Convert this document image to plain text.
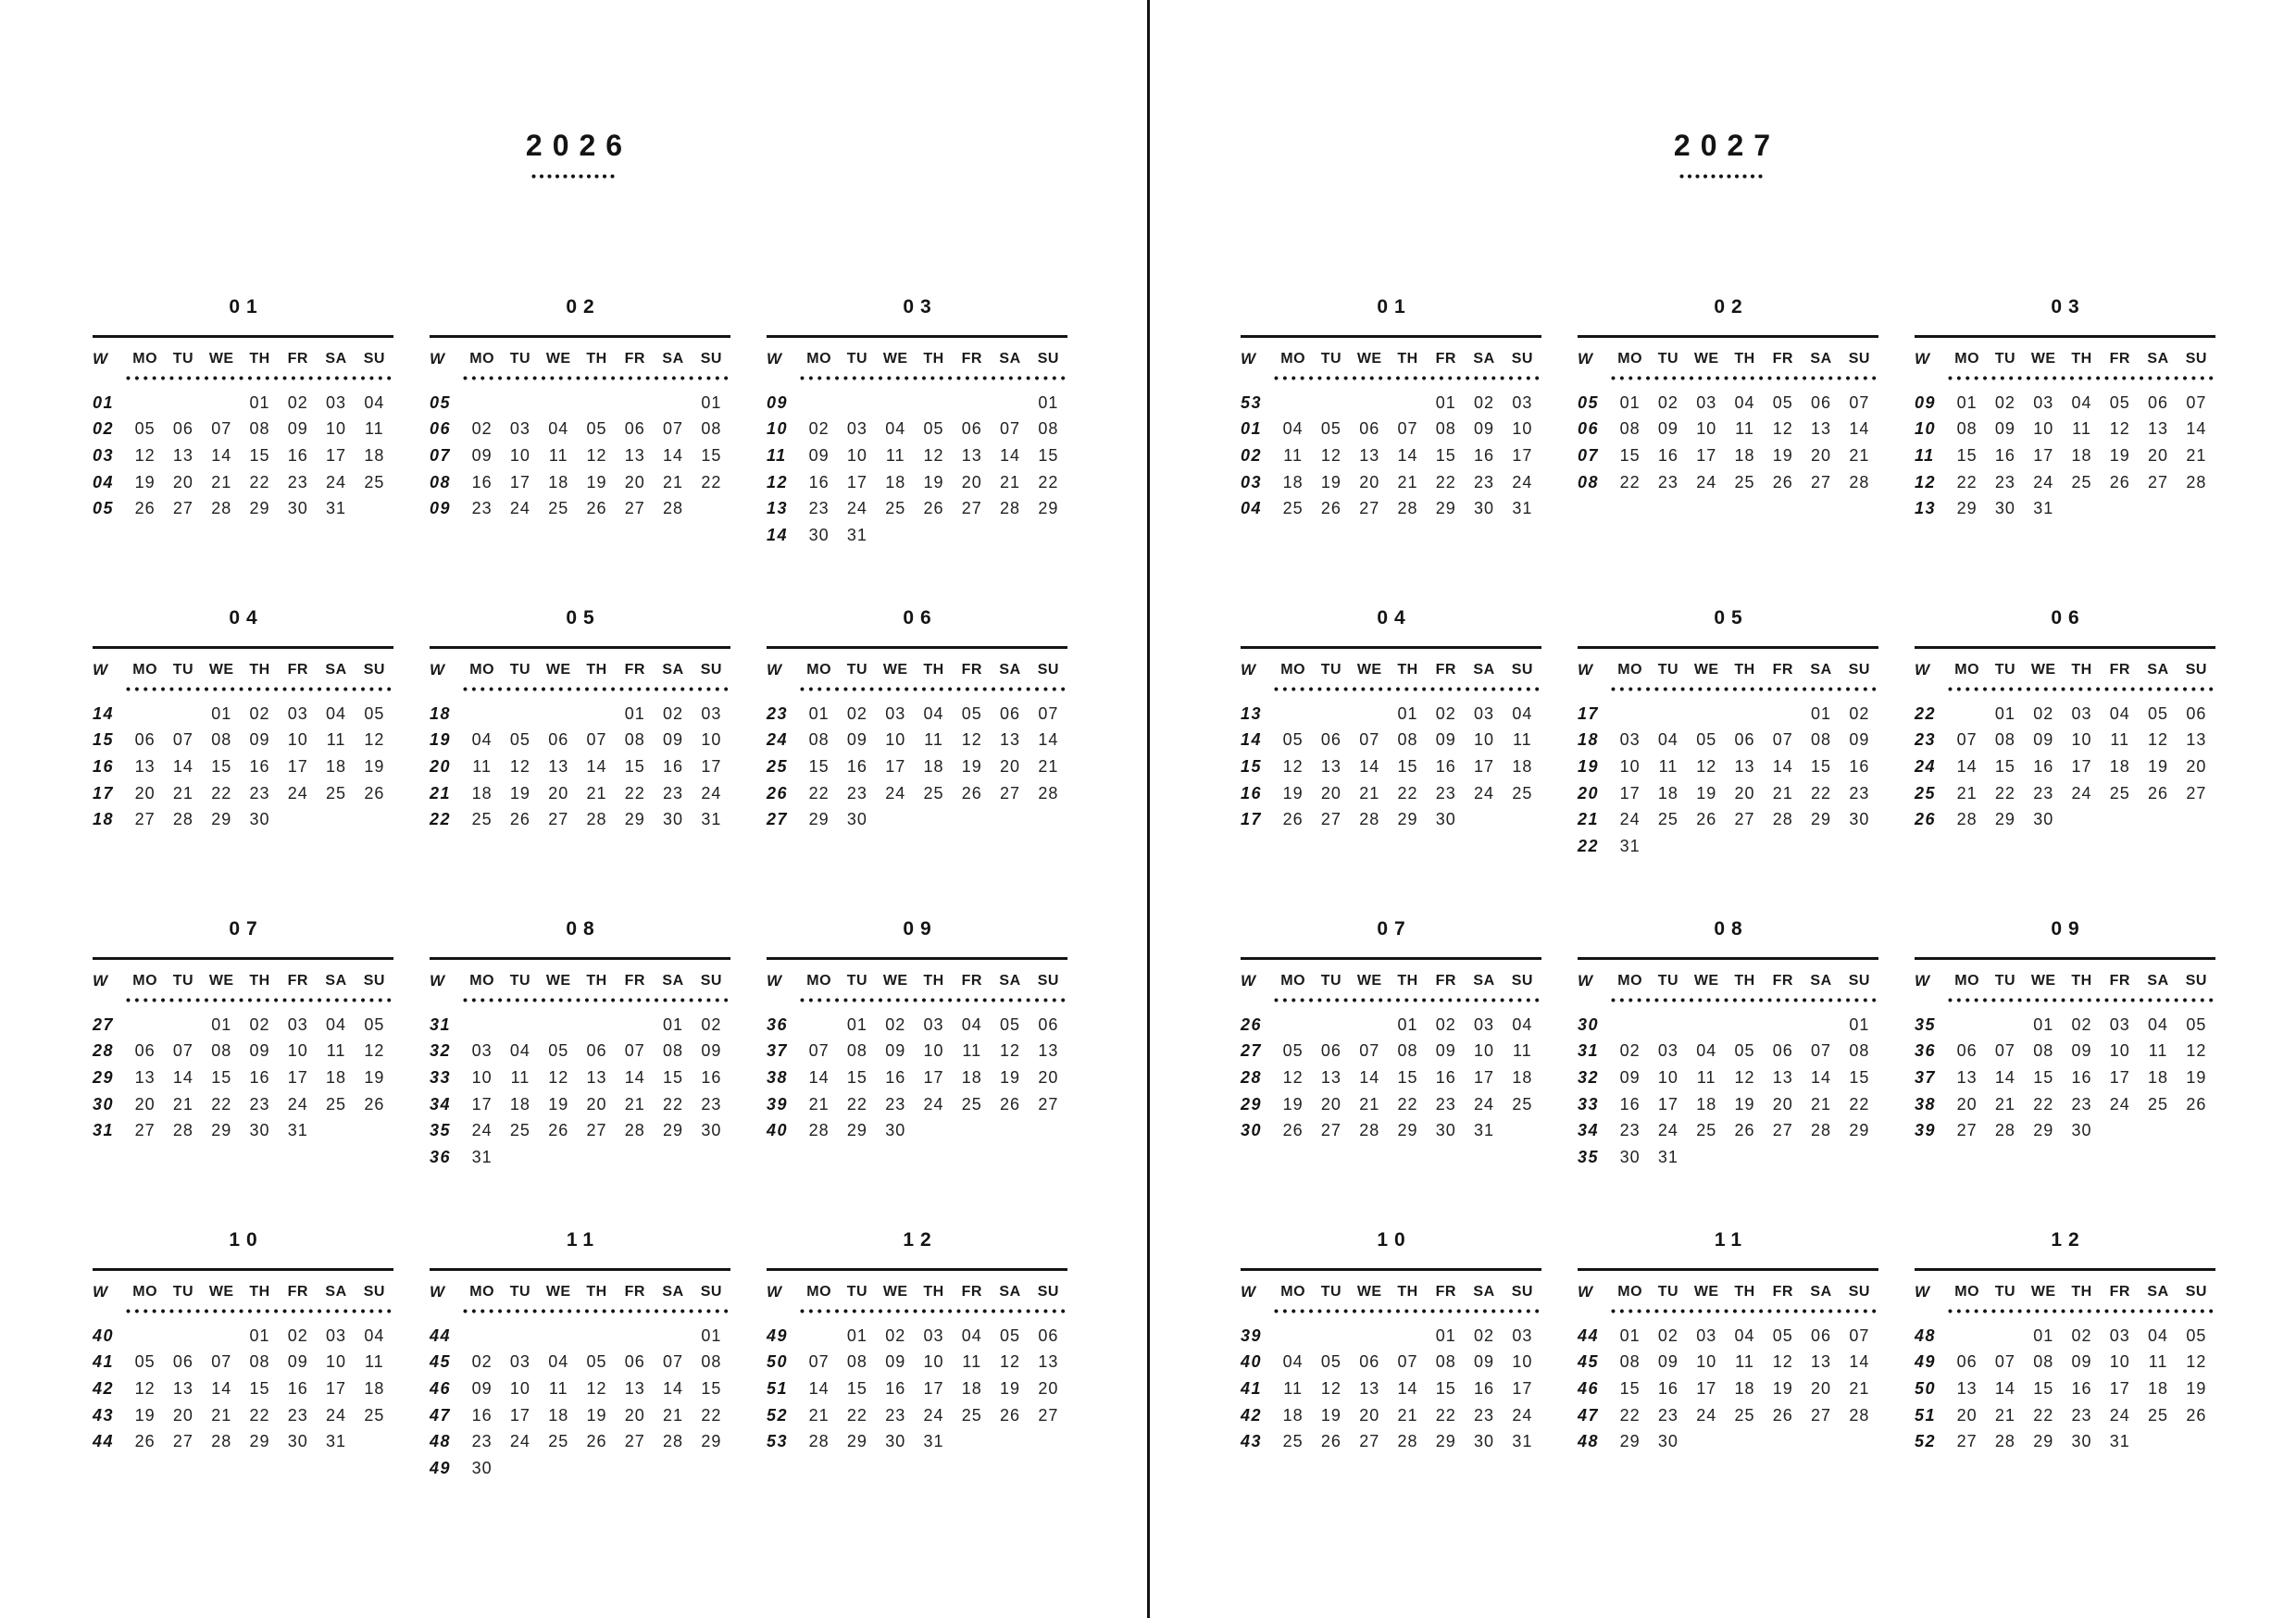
2026
01
W	MO	TU	WE	TH	FR	SA	SU

01				01	02	03	04
02	05	06	07	08	09	10	11
03	12	13	14	15	16	17	18
04	19	20	21	22	23	24	25
05	26	27	28	29	30	31	
02
W	MO	TU	WE	TH	FR	SA	SU

05							01
06	02	03	04	05	06	07	08
07	09	10	11	12	13	14	15
08	16	17	18	19	20	21	22
09	23	24	25	26	27	28	
03
W	MO	TU	WE	TH	FR	SA	SU

09							01
10	02	03	04	05	06	07	08
11	09	10	11	12	13	14	15
12	16	17	18	19	20	21	22
13	23	24	25	26	27	28	29
14	30	31					
04
W	MO	TU	WE	TH	FR	SA	SU

14			01	02	03	04	05
15	06	07	08	09	10	11	12
16	13	14	15	16	17	18	19
17	20	21	22	23	24	25	26
18	27	28	29	30			
05
W	MO	TU	WE	TH	FR	SA	SU

18					01	02	03
19	04	05	06	07	08	09	10
20	11	12	13	14	15	16	17
21	18	19	20	21	22	23	24
22	25	26	27	28	29	30	31
06
W	MO	TU	WE	TH	FR	SA	SU

23	01	02	03	04	05	06	07
24	08	09	10	11	12	13	14
25	15	16	17	18	19	20	21
26	22	23	24	25	26	27	28
27	29	30					
07
W	MO	TU	WE	TH	FR	SA	SU

27			01	02	03	04	05
28	06	07	08	09	10	11	12
29	13	14	15	16	17	18	19
30	20	21	22	23	24	25	26
31	27	28	29	30	31		
08
W	MO	TU	WE	TH	FR	SA	SU

31						01	02
32	03	04	05	06	07	08	09
33	10	11	12	13	14	15	16
34	17	18	19	20	21	22	23
35	24	25	26	27	28	29	30
36	31						
09
W	MO	TU	WE	TH	FR	SA	SU

36		01	02	03	04	05	06
37	07	08	09	10	11	12	13
38	14	15	16	17	18	19	20
39	21	22	23	24	25	26	27
40	28	29	30				
10
W	MO	TU	WE	TH	FR	SA	SU

40				01	02	03	04
41	05	06	07	08	09	10	11
42	12	13	14	15	16	17	18
43	19	20	21	22	23	24	25
44	26	27	28	29	30	31	
11
W	MO	TU	WE	TH	FR	SA	SU

44							01
45	02	03	04	05	06	07	08
46	09	10	11	12	13	14	15
47	16	17	18	19	20	21	22
48	23	24	25	26	27	28	29
49	30						
12
W	MO	TU	WE	TH	FR	SA	SU

49		01	02	03	04	05	06
50	07	08	09	10	11	12	13
51	14	15	16	17	18	19	20
52	21	22	23	24	25	26	27
53	28	29	30	31			
2027
01
W	MO	TU	WE	TH	FR	SA	SU

53					01	02	03
01	04	05	06	07	08	09	10
02	11	12	13	14	15	16	17
03	18	19	20	21	22	23	24
04	25	26	27	28	29	30	31
02
W	MO	TU	WE	TH	FR	SA	SU

05	01	02	03	04	05	06	07
06	08	09	10	11	12	13	14
07	15	16	17	18	19	20	21
08	22	23	24	25	26	27	28
03
W	MO	TU	WE	TH	FR	SA	SU

09	01	02	03	04	05	06	07
10	08	09	10	11	12	13	14
11	15	16	17	18	19	20	21
12	22	23	24	25	26	27	28
13	29	30	31				
04
W	MO	TU	WE	TH	FR	SA	SU

13				01	02	03	04
14	05	06	07	08	09	10	11
15	12	13	14	15	16	17	18
16	19	20	21	22	23	24	25
17	26	27	28	29	30		
05
W	MO	TU	WE	TH	FR	SA	SU

17						01	02
18	03	04	05	06	07	08	09
19	10	11	12	13	14	15	16
20	17	18	19	20	21	22	23
21	24	25	26	27	28	29	30
22	31						
06
W	MO	TU	WE	TH	FR	SA	SU

22		01	02	03	04	05	06
23	07	08	09	10	11	12	13
24	14	15	16	17	18	19	20
25	21	22	23	24	25	26	27
26	28	29	30				
07
W	MO	TU	WE	TH	FR	SA	SU

26				01	02	03	04
27	05	06	07	08	09	10	11
28	12	13	14	15	16	17	18
29	19	20	21	22	23	24	25
30	26	27	28	29	30	31	
08
W	MO	TU	WE	TH	FR	SA	SU

30							01
31	02	03	04	05	06	07	08
32	09	10	11	12	13	14	15
33	16	17	18	19	20	21	22
34	23	24	25	26	27	28	29
35	30	31					
09
W	MO	TU	WE	TH	FR	SA	SU

35			01	02	03	04	05
36	06	07	08	09	10	11	12
37	13	14	15	16	17	18	19
38	20	21	22	23	24	25	26
39	27	28	29	30			
10
W	MO	TU	WE	TH	FR	SA	SU

39					01	02	03
40	04	05	06	07	08	09	10
41	11	12	13	14	15	16	17
42	18	19	20	21	22	23	24
43	25	26	27	28	29	30	31
11
W	MO	TU	WE	TH	FR	SA	SU

44	01	02	03	04	05	06	07
45	08	09	10	11	12	13	14
46	15	16	17	18	19	20	21
47	22	23	24	25	26	27	28
48	29	30					
12
W	MO	TU	WE	TH	FR	SA	SU

48			01	02	03	04	05
49	06	07	08	09	10	11	12
50	13	14	15	16	17	18	19
51	20	21	22	23	24	25	26
52	27	28	29	30	31		
